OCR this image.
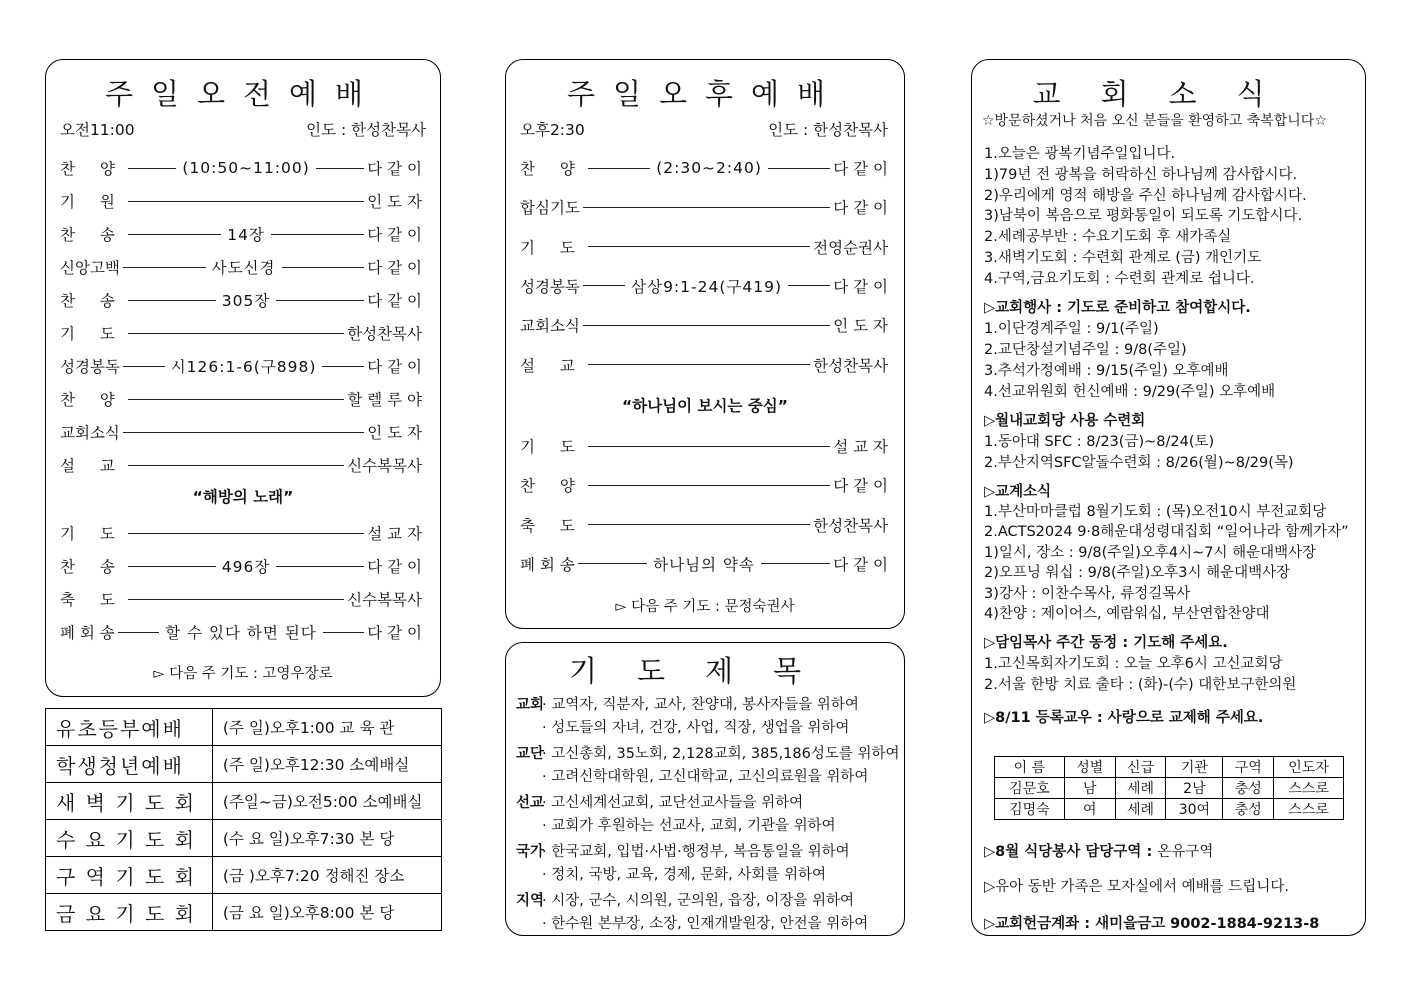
주일오전예배
오전11:00	인도 : 한성찬목사
찬 양	(10:50~11:00)	다 같 이
기 원	인 도 자
찬 송	14장	다 같 이
신앙고백	사도신경	다 같 이
찬 송	305장	다 같 이
기 도	한성찬목사
성경봉독	시126:1-6(구898)	다 같 이
찬 양	할 렐 루 야
교회소식	인 도 자
설 교	신수복목사
“해방의 노래”
기 도	설 교 자
찬 송	496장	다 같 이
축 도	신수복목사
폐 회 송	할 수 있다 하면 된다	다 같 이
▻ 다음 주 기도 : 고영우장로
유초등부예배	(주 일)오후1:00 교 육 관
학생청년예배	(주 일)오후12:30 소예배실
새 벽 기 도 회	(주일~금)오전5:00 소예배실
수 요 기 도 회	(수 요 일)오후7:30 본 당
구 역 기 도 회	(금 )오후7:20 정해진 장소
금 요 기 도 회	(금 요 일)오후8:00 본 당
주일오후예배
오후2:30	인도 : 한성찬목사
찬 양	(2:30~2:40)	다 같 이
합심기도	다 같 이
기 도	전영순권사
성경봉독	삼상9:1-24(구419)	다 같 이
교회소식	인 도 자
설 교	한성찬목사
“하나님이 보시는 중심”
기 도	설 교 자
찬 양	다 같 이
축 도	한성찬목사
폐 회 송	하나님의 약속	다 같 이
▻ 다음 주 기도 : 문정숙권사
기도제목
교회· 교역자, 직분자, 교사, 찬양대, 봉사자들을 위하여
· 성도들의 자녀, 건강, 사업, 직장, 생업을 위하여
교단· 고신총회, 35노회, 2,128교회, 385,186성도를 위하여
· 고려신학대학원, 고신대학교, 고신의료원을 위하여
선교· 고신세계선교회, 교단선교사들을 위하여
· 교회가 후원하는 선교사, 교회, 기관을 위하여
국가· 한국교회, 입법·사법·행정부, 복음통일을 위하여
· 정치, 국방, 교육, 경제, 문화, 사회를 위하여
지역· 시장, 군수, 시의원, 군의원, 읍장, 이장을 위하여
· 한수원 본부장, 소장, 인재개발원장, 안전을 위하여
교회소식
☆방문하셨거나 처음 오신 분들을 환영하고 축복합니다☆
1.오늘은 광복기념주일입니다.
1)79년 전 광복을 허락하신 하나님께 감사합시다.
2)우리에게 영적 해방을 주신 하나님께 감사합시다.
3)남북이 복음으로 평화통일이 되도록 기도합시다.
2.세례공부반 : 수요기도회 후 새가족실
3.새벽기도회 : 수련회 관계로 (금) 개인기도
4.구역,금요기도회 : 수련회 관계로 쉽니다.
▷교회행사 : 기도로 준비하고 참여합시다.
1.이단경계주일 : 9/1(주일)
2.교단창설기념주일 : 9/8(주일)
3.추석가정예배 : 9/15(주일) 오후예배
4.선교위원회 헌신예배 : 9/29(주일) 오후예배
▷월내교회당 사용 수련회
1.동아대 SFC : 8/23(금)~8/24(토)
2.부산지역SFC알돌수련회 : 8/26(월)~8/29(목)
▷교계소식
1.부산마마클럽 8월기도회 : (목)오전10시 부전교회당
2.ACTS2024 9·8해운대성령대집회 “일어나라 함께가자”
1)일시, 장소 : 9/8(주일)오후4시~7시 해운대백사장
2)오프닝 워십 : 9/8(주일)오후3시 해운대백사장
3)강사 : 이찬수목사, 류정길목사
4)찬양 : 제이어스, 예람워십, 부산연합찬양대
▷담임목사 주간 동정 : 기도해 주세요.
1.고신목회자기도회 : 오늘 오후6시 고신교회당
2.서울 한방 치료 출타 : (화)-(수) 대한보구한의원
▷8/11 등록교우 : 사랑으로 교제해 주세요.
이 름	성별	신급	기관	구역	인도자
김문호	남	세례	2남	충성	스스로
김명숙	여	세례	30여	충성	스스로
▷8월 식당봉사 담당구역 : 온유구역
▷유아 동반 가족은 모자실에서 예배를 드립니다.
▷교회헌금계좌 : 새미을금고 9002-1884-9213-8
